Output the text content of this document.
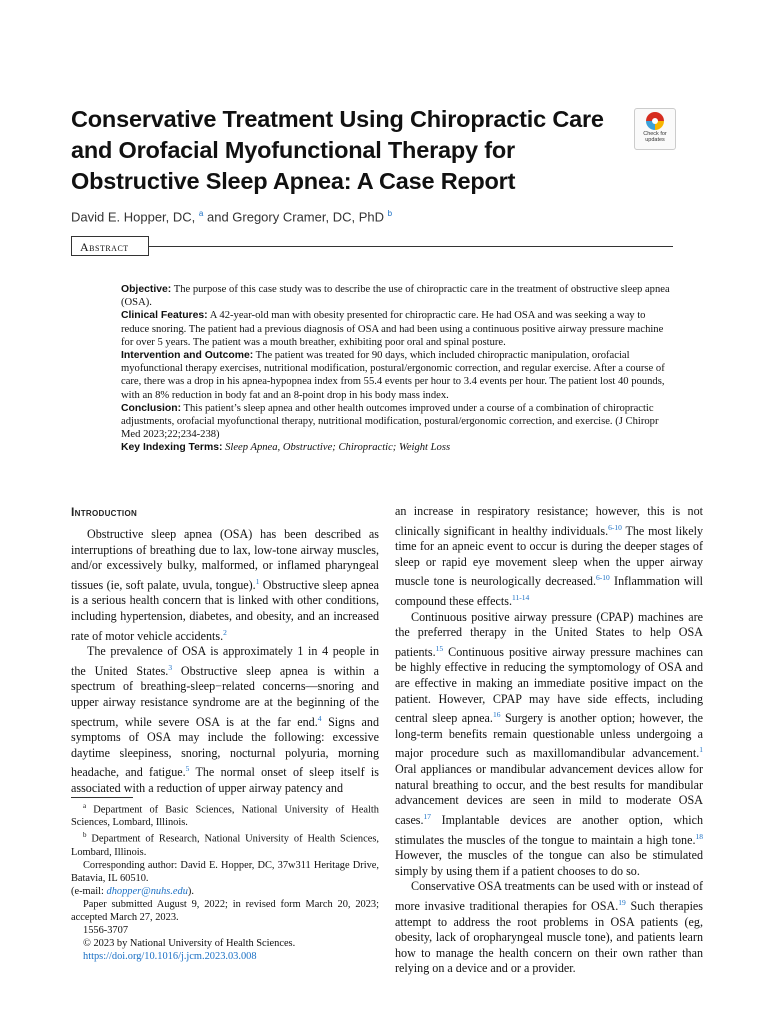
Conservative Treatment Using Chiropractic Care and Orofacial Myofunctional Therapy for Obstructive Sleep Apnea: A Case Report
Check for
updates

David E. Hopper, DC, $^a$ and Gregory Cramer, DC, PhD $^b$

Abstract

Objective: The purpose of this case study was to describe the use of chiropractic care in the treatment of obstructive sleep apnea (OSA).

Clinical Features: A 42-year-old man with obesity presented for chiropractic care. He had OSA and was seeking a way to reduce snoring. The patient had a previous diagnosis of OSA and had been using a continuous positive airway pressure machine for over 5 years. The patient was a mouth breather, exhibiting poor oral and spinal posture.

Intervention and Outcome: The patient was treated for 90 days, which included chiropractic manipulation, orofacial myofunctional therapy exercises, nutritional modification, postural/ergonomic correction, and regular exercise. After a course of care, there was a drop in his apnea-hypopnea index from 55.4 events per hour to 3.4 events per hour. The patient lost 40 pounds, with an 8% reduction in body fat and an 8-point drop in his body mass index.

Conclusion: This patient’s sleep apnea and other health outcomes improved under a course of a combination of chiropractic adjustments, orofacial myofunctional therapy, nutritional modification, postural/ergonomic correction, and exercise. (J Chiropr Med 2023;22;234-238)

Key Indexing Terms: Sleep Apnea, Obstructive; Chiropractic; Weight Loss

Introduction

Obstructive sleep apnea (OSA) has been described as interruptions of breathing due to lax, low-tone airway muscles, and/or excessively bulky, malformed, or inflamed pharyngeal tissues (ie, soft palate, uvula, tongue).$^1$ Obstructive sleep apnea is a serious health concern that is linked with other conditions, including hypertension, diabetes, and obesity, and an increased rate of motor vehicle accidents.$^2$

The prevalence of OSA is approximately 1 in 4 people in the United States.$^3$ Obstructive sleep apnea is within a spectrum of breathing-sleep−related concerns—snoring and upper airway resistance syndrome are at the beginning of the spectrum, while severe OSA is at the far end.$^4$ Signs and symptoms of OSA may include the following: excessive daytime sleepiness, snoring, nocturnal polyuria, morning headache, and fatigue.$^5$ The normal onset of sleep itself is associated with a reduction of upper airway patency and

$^a$ Department of Basic Sciences, National University of Health Sciences, Lombard, Illinois.

$^b$ Department of Research, National University of Health Sciences, Lombard, Illinois.

Corresponding author: David E. Hopper, DC, 37w311 Heritage Drive, Batavia, IL 60510.

(e-mail: dhopper@nuhs.edu).

Paper submitted August 9, 2022; in revised form March 20, 2023; accepted March 27, 2023.

1556-3707

© 2023 by National University of Health Sciences.

https://doi.org/10.1016/j.jcm.2023.03.008

an increase in respiratory resistance; however, this is not clinically significant in healthy individuals.$^{6-10}$ The most likely time for an apneic event to occur is during the deeper stages of sleep or rapid eye movement sleep when the upper airway muscle tone is neurologically decreased.$^{6-10}$ Inflammation will compound these effects.$^{11-14}$

Continuous positive airway pressure (CPAP) machines are the preferred therapy in the United States to help OSA patients.$^{15}$ Continuous positive airway pressure machines can be highly effective in reducing the symptomology of OSA and are effective in making an immediate positive impact on the patient. However, CPAP may have side effects, including central sleep apnea.$^{16}$ Surgery is another option; however, the long-term benefits remain questionable unless undergoing a major procedure such as maxillomandibular advancement.$^1$ Oral appliances or mandibular advancement devices allow for natural breathing to occur, and the best results for mandibular advancement devices are seen in mild to moderate OSA cases.$^{17}$ Implantable devices are another option, which stimulates the muscles of the tongue to maintain a high tone.$^{18}$ However, the muscles of the tongue can also be stimulated simply by using them if a patient chooses to do so.

Conservative OSA treatments can be used with or instead of more invasive traditional therapies for OSA.$^{19}$ Such therapies attempt to address the root problems in OSA patients (eg, obesity, lack of oropharyngeal muscle tone), and patients learn how to manage the health concern on their own rather than relying on a device and or a provider.
